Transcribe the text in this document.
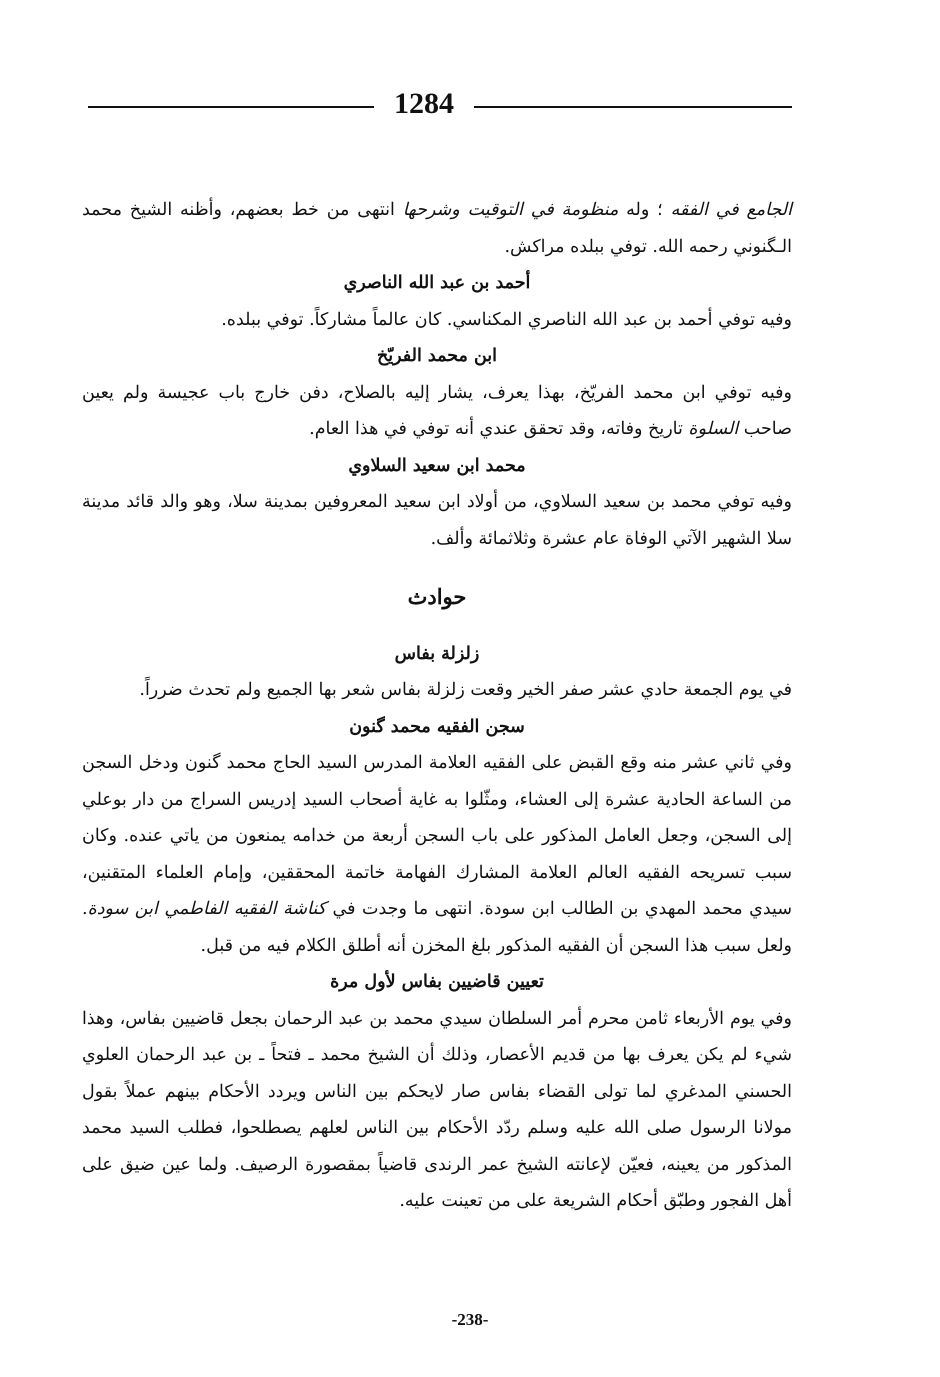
1284

الجامع في الفقه ؛ وله منظومة في التوقيت وشرحها انتهى من خط بعضهم، وأظنه الشيخ محمد الـگنوني رحمه الله. توفي ببلده مراكش.

أحمد بن عبد الله الناصري

وفيه توفي أحمد بن عبد الله الناصري المكناسي. كان عالماً مشاركاً. توفي ببلده.

ابن محمد الفريّخ

وفيه توفي ابن محمد الفريّخ، بهذا يعرف، يشار إليه بالصلاح، دفن خارج باب عجيسة ولم يعين صاحب السلوة تاريخ وفاته، وقد تحقق عندي أنه توفي في هذا العام.

محمد ابن سعيد السلاوي

وفيه توفي محمد بن سعيد السلاوي، من أولاد ابن سعيد المعروفين بمدينة سلا، وهو والد قائد مدينة سلا الشهير الآتي الوفاة عام عشرة وثلاثمائة وألف.

حوادث

زلزلة بفاس

في يوم الجمعة حادي عشر صفر الخير وقعت زلزلة بفاس شعر بها الجميع ولم تحدث ضرراً.

سجن الفقيه محمد گنون

وفي ثاني عشر منه وقع القبض على الفقيه العلامة المدرس السيد الحاج محمد گنون ودخل السجن من الساعة الحادية عشرة إلى العشاء، ومثّلوا به غاية أصحاب السيد إدريس السراج من دار بوعلي إلى السجن، وجعل العامل المذكور على باب السجن أربعة من خدامه يمنعون من ياتي عنده. وكان سبب تسريحه الفقيه العالم العلامة المشارك الفهامة خاتمة المحققين، وإمام العلماء المتقنين، سيدي محمد المهدي بن الطالب ابن سودة. انتهى ما وجدت في كناشة الفقيه الفاطمي ابن سودة. ولعل سبب هذا السجن أن الفقيه المذكور بلغ المخزن أنه أطلق الكلام فيه من قبل.

تعيين قاضيين بفاس لأول مرة

وفي يوم الأربعاء ثامن محرم أمر السلطان سيدي محمد بن عبد الرحمان بجعل قاضيين بفاس، وهذا شيء لم يكن يعرف بها من قديم الأعصار، وذلك أن الشيخ محمد ـ فتحاً ـ بن عبد الرحمان العلوي الحسني المدغري لما تولى القضاء بفاس صار لايحكم بين الناس ويردد الأحكام بينهم عملاً بقول مولانا الرسول صلى الله عليه وسلم ردّد الأحكام بين الناس لعلهم يصطلحوا، فطلب السيد محمد المذكور من يعينه، فعيّن لإعانته الشيخ عمر الرندى قاضياً بمقصورة الرصيف. ولما عين ضيق على أهل الفجور وطبّق أحكام الشريعة على من تعينت عليه.

-238-
